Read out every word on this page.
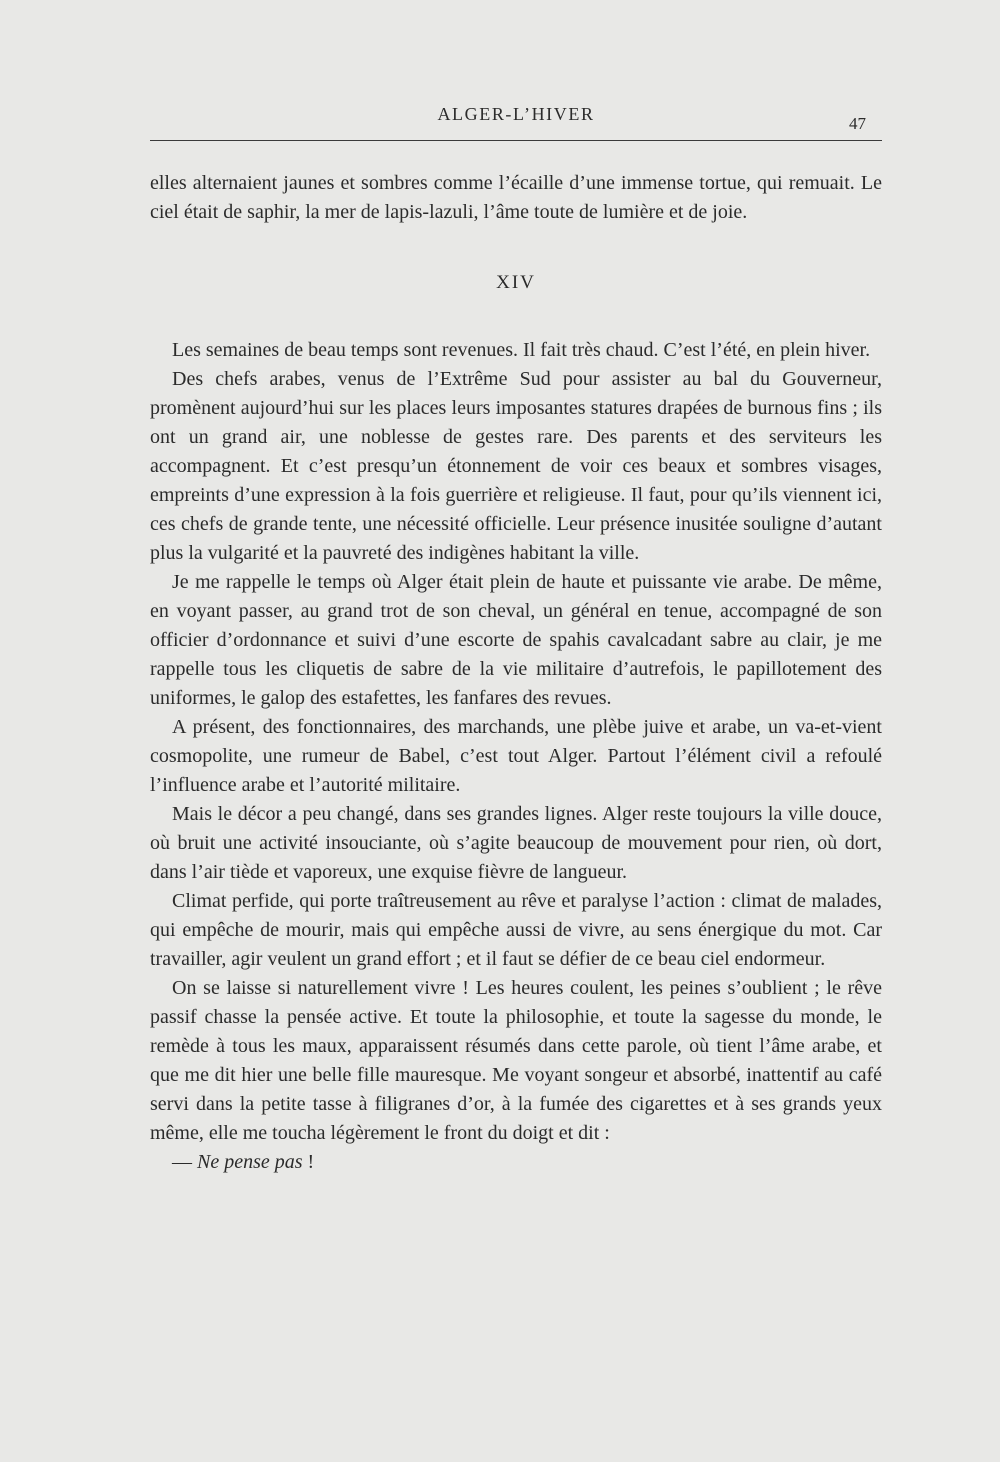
ALGER-L’HIVER	47

elles alternaient jaunes et sombres comme l’écaille d’une immense tortue, qui remuait. Le ciel était de saphir, la mer de lapis-lazuli, l’âme toute de lumière et de joie.

XIV

Les semaines de beau temps sont revenues. Il fait très chaud. C’est l’été, en plein hiver.

Des chefs arabes, venus de l’Extrême Sud pour assister au bal du Gouverneur, promènent aujourd’hui sur les places leurs imposantes statures drapées de burnous fins ; ils ont un grand air, une noblesse de gestes rare. Des parents et des serviteurs les accompagnent. Et c’est presqu’un étonnement de voir ces beaux et sombres visages, empreints d’une expression à la fois guerrière et religieuse. Il faut, pour qu’ils viennent ici, ces chefs de grande tente, une nécessité officielle. Leur présence inusitée souligne d’autant plus la vulgarité et la pauvreté des indigènes habitant la ville.

Je me rappelle le temps où Alger était plein de haute et puissante vie arabe. De même, en voyant passer, au grand trot de son cheval, un général en tenue, accompagné de son officier d’ordonnance et suivi d’une escorte de spahis cavalcadant sabre au clair, je me rappelle tous les cliquetis de sabre de la vie militaire d’autrefois, le papillotement des uniformes, le galop des estafettes, les fanfares des revues.

A présent, des fonctionnaires, des marchands, une plèbe juive et arabe, un va-et-vient cosmopolite, une rumeur de Babel, c’est tout Alger. Partout l’élément civil a refoulé l’influence arabe et l’autorité militaire.

Mais le décor a peu changé, dans ses grandes lignes. Alger reste toujours la ville douce, où bruit une activité insouciante, où s’agite beaucoup de mouvement pour rien, où dort, dans l’air tiède et vaporeux, une exquise fièvre de langueur.

Climat perfide, qui porte traîtreusement au rêve et paralyse l’action : climat de malades, qui empêche de mourir, mais qui empêche aussi de vivre, au sens énergique du mot. Car travailler, agir veulent un grand effort ; et il faut se défier de ce beau ciel endormeur.

On se laisse si naturellement vivre ! Les heures coulent, les peines s’oublient ; le rêve passif chasse la pensée active. Et toute la philosophie, et toute la sagesse du monde, le remède à tous les maux, apparaissent résumés dans cette parole, où tient l’âme arabe, et que me dit hier une belle fille mauresque. Me voyant songeur et absorbé, inattentif au café servi dans la petite tasse à filigranes d’or, à la fumée des cigarettes et à ses grands yeux même, elle me toucha légèrement le front du doigt et dit :

— Ne pense pas !
